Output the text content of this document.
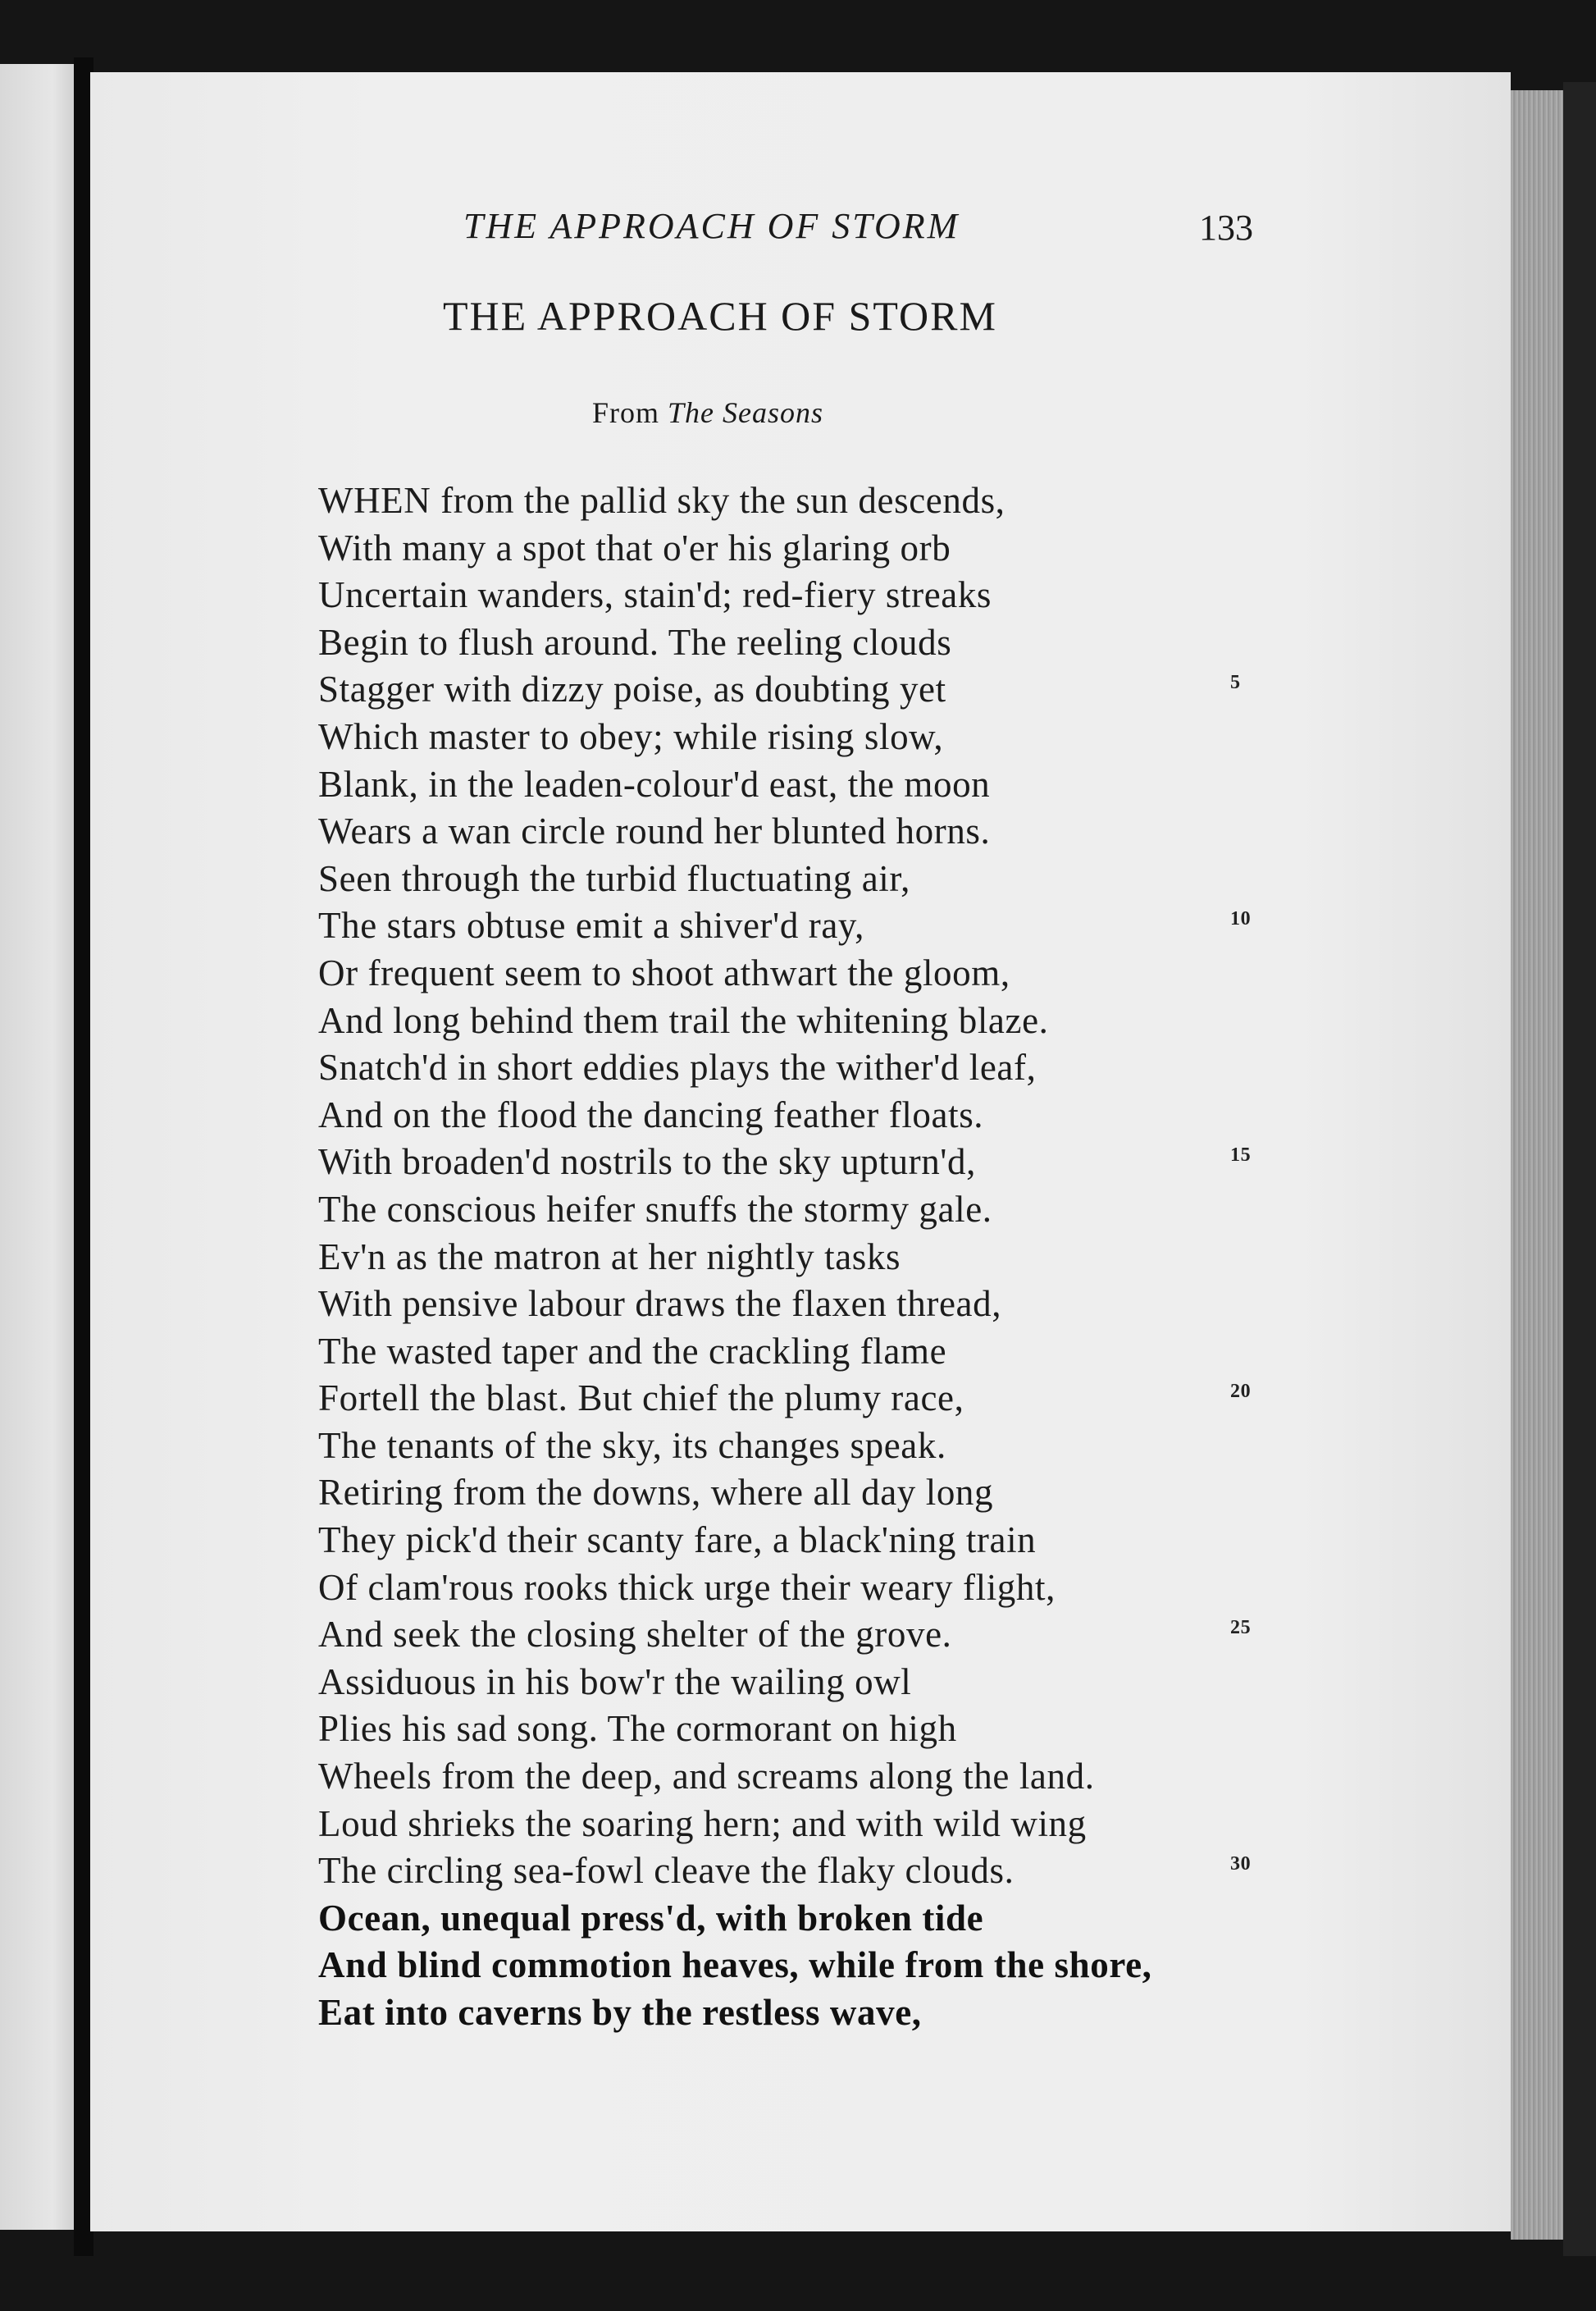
THE APPROACH OF STORM	133
THE APPROACH OF STORM
From The Seasons
WHEN from the pallid sky the sun descends,
With many a spot that o'er his glaring orb
Uncertain wanders, stain'd; red-fiery streaks
Begin to flush around. The reeling clouds
Stagger with dizzy poise, as doubting yet	5
Which master to obey; while rising slow,
Blank, in the leaden-colour'd east, the moon
Wears a wan circle round her blunted horns.
Seen through the turbid fluctuating air,
The stars obtuse emit a shiver'd ray,	10
Or frequent seem to shoot athwart the gloom,
And long behind them trail the whitening blaze.
Snatch'd in short eddies plays the wither'd leaf,
And on the flood the dancing feather floats.
With broaden'd nostrils to the sky upturn'd,	15
The conscious heifer snuffs the stormy gale.
Ev'n as the matron at her nightly tasks
With pensive labour draws the flaxen thread,
The wasted taper and the crackling flame
Fortell the blast. But chief the plumy race,	20
The tenants of the sky, its changes speak.
Retiring from the downs, where all day long
They pick'd their scanty fare, a black'ning train
Of clam'rous rooks thick urge their weary flight,
And seek the closing shelter of the grove.	25
Assiduous in his bow'r the wailing owl
Plies his sad song. The cormorant on high
Wheels from the deep, and screams along the land.
Loud shrieks the soaring hern; and with wild wing
The circling sea-fowl cleave the flaky clouds.	30
Ocean, unequal press'd, with broken tide
And blind commotion heaves, while from the shore,
Eat into caverns by the restless wave,
